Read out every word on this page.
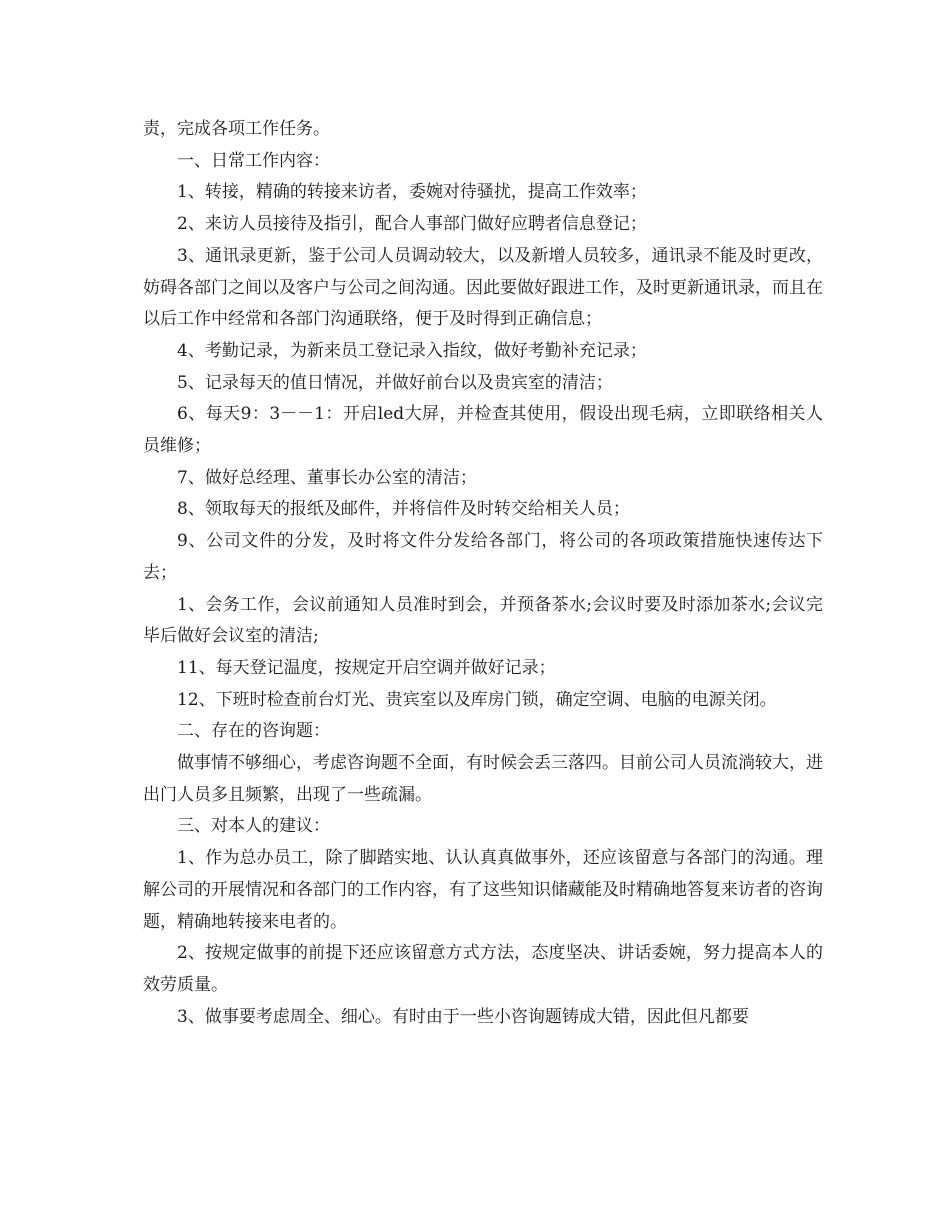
责，完成各项工作任务。

一、日常工作内容：

1、转接，精确的转接来访者，委婉对待骚扰，提高工作效率；

2、来访人员接待及指引，配合人事部门做好应聘者信息登记；

3、通讯录更新，鉴于公司人员调动较大，以及新增人员较多，通讯录不能及时更改，妨碍各部门之间以及客户与公司之间沟通。因此要做好跟进工作，及时更新通讯录，而且在以后工作中经常和各部门沟通联络，便于及时得到正确信息；

4、考勤记录，为新来员工登记录入指纹，做好考勤补充记录；

5、记录每天的值日情况，并做好前台以及贵宾室的清洁；

6、每天9：3－－1：开启led大屏，并检查其使用，假设出现毛病，立即联络相关人员维修；

7、做好总经理、董事长办公室的清洁；

8、领取每天的报纸及邮件，并将信件及时转交给相关人员；

9、公司文件的分发，及时将文件分发给各部门，将公司的各项政策措施快速传达下去；

1、会务工作，会议前通知人员准时到会，并预备茶水;会议时要及时添加茶水;会议完毕后做好会议室的清洁;

11、每天登记温度，按规定开启空调并做好记录；

12、下班时检查前台灯光、贵宾室以及库房门锁，确定空调、电脑的电源关闭。

二、存在的咨询题：

做事情不够细心，考虑咨询题不全面，有时候会丢三落四。目前公司人员流淌较大，进出门人员多且频繁，出现了一些疏漏。

三、对本人的建议：

1、作为总办员工，除了脚踏实地、认认真真做事外，还应该留意与各部门的沟通。理解公司的开展情况和各部门的工作内容，有了这些知识储藏能及时精确地答复来访者的咨询题，精确地转接来电者的。

2、按规定做事的前提下还应该留意方式方法，态度坚决、讲话委婉，努力提高本人的效劳质量。

3、做事要考虑周全、细心。有时由于一些小咨询题铸成大错，因此但凡都要
